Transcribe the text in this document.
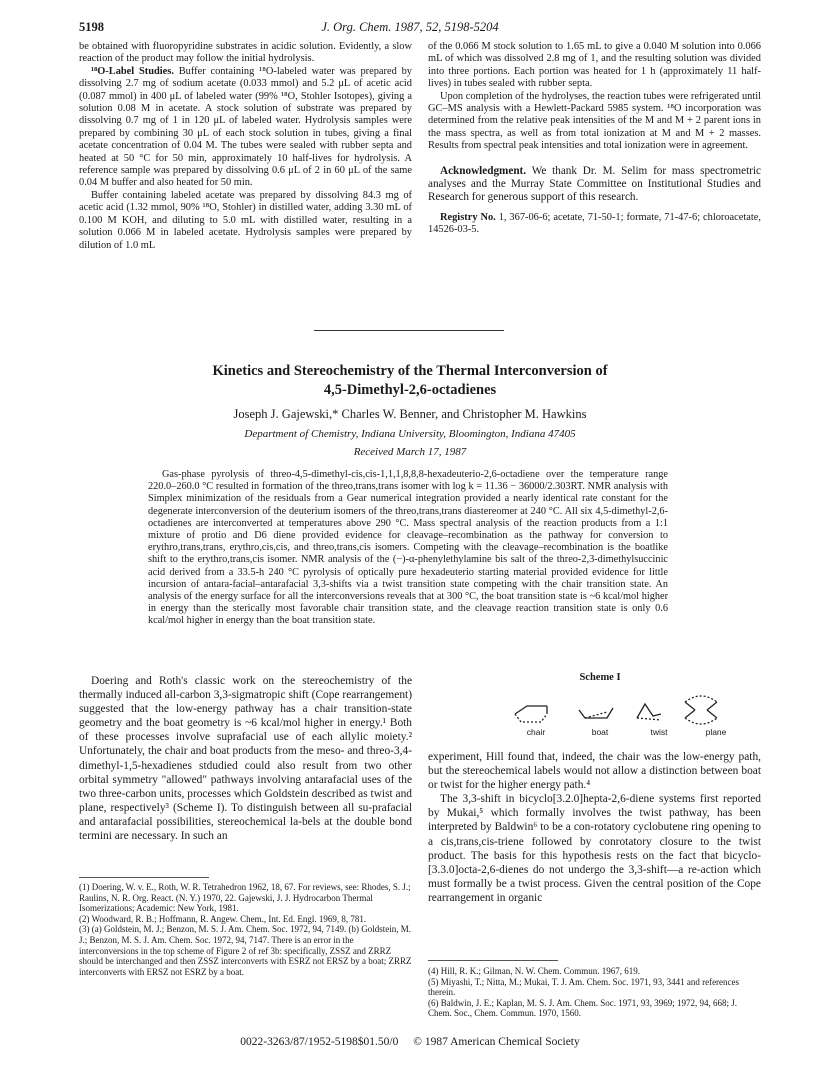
5198	J. Org. Chem. 1987, 52, 5198-5204

be obtained with fluoropyridine substrates in acidic solution. Evidently, a slow reaction of the product may follow the initial hydrolysis.

¹⁸O-Label Studies. Buffer containing ¹⁸O-labeled water was prepared by dissolving 2.7 mg of sodium acetate (0.033 mmol) and 5.2 μL of acetic acid (0.087 mmol) in 400 μL of labeled water (99% ¹⁸O, Stohler Isotopes), giving a solution 0.08 M in acetate. A stock solution of substrate was prepared by dissolving 0.7 mg of 1 in 120 μL of labeled water. Hydrolysis samples were prepared by combining 30 μL of each stock solution in tubes, giving a final acetate concentration of 0.04 M. The tubes were sealed with rubber septa and heated at 50 °C for 50 min, approximately 10 half-lives for hydrolysis. A reference sample was prepared by dissolving 0.6 μL of 2 in 60 μL of the same 0.04 M buffer and also heated for 50 min.

Buffer containing labeled acetate was prepared by dissolving 84.3 mg of acetic acid (1.32 mmol, 90% ¹⁸O, Stohler) in distilled water, adding 3.30 mL of 0.100 M KOH, and diluting to 5.0 mL with distilled water, resulting in a solution 0.066 M in labeled acetate. Hydrolysis samples were prepared by dilution of 1.0 mL

of the 0.066 M stock solution to 1.65 mL to give a 0.040 M solution into 0.066 mL of which was dissolved 2.8 mg of 1, and the resulting solution was divided into three portions. Each portion was heated for 1 h (approximately 11 half-lives) in tubes sealed with rubber septa.

Upon completion of the hydrolyses, the reaction tubes were refrigerated until GC–MS analysis with a Hewlett-Packard 5985 system. ¹⁸O incorporation was determined from the relative peak intensities of the M and M + 2 parent ions in the mass spectra, as well as from total ionization at M and M + 2 masses. Results from spectral peak intensities and total ionization were in agreement.

Acknowledgment. We thank Dr. M. Selim for mass spectrometric analyses and the Murray State Committee on Institutional Studies and Research for generous support of this research.

Registry No. 1, 367-06-6; acetate, 71-50-1; formate, 71-47-6; chloroacetate, 14526-03-5.

Kinetics and Stereochemistry of the Thermal Interconversion of
4,5-Dimethyl-2,6-octadienes
Joseph J. Gajewski,* Charles W. Benner, and Christopher M. Hawkins
Department of Chemistry, Indiana University, Bloomington, Indiana 47405
Received March 17, 1987
Gas-phase pyrolysis of threo-4,5-dimethyl-cis,cis-1,1,1,8,8,8-hexadeuterio-2,6-octadiene over the temperature range 220.0–260.0 °C resulted in formation of the threo,trans,trans isomer with log k = 11.36 − 36000/2.303RT. NMR analysis with Simplex minimization of the residuals from a Gear numerical integration provided a nearly identical rate constant for the degenerate interconversion of the deuterium isomers of the threo,trans,trans diastereomer at 240 °C. All six 4,5-dimethyl-2,6-octadienes are interconverted at temperatures above 290 °C. Mass spectral analysis of the reaction products from a 1:1 mixture of protio and D6 diene provided evidence for cleavage–recombination as the pathway for conversion to erythro,trans,trans, erythro,cis,cis, and threo,trans,cis isomers. Competing with the cleavage–recombination is the boatlike shift to the erythro,trans,cis isomer. NMR analysis of the (−)-α-phenylethylamine bis salt of the threo-2,3-dimethylsuccinic acid derived from a 33.5-h 240 °C pyrolysis of optically pure hexadeuterio starting material provided evidence for little incursion of antara-facial–antarafacial 3,3-shifts via a twist transition state competing with the chair transition state. An analysis of the energy surface for all the interconversions reveals that at 300 °C, the boat transition state is ~6 kcal/mol higher in energy than the sterically most favorable chair transition state, and the cleavage reaction transition state is only 0.6 kcal/mol higher in energy than the boat transition state.

Doering and Roth's classic work on the stereochemistry of the thermally induced all-carbon 3,3-sigmatropic shift (Cope rearrangement) suggested that the low-energy pathway has a chair transition-state geometry and the boat geometry is ~6 kcal/mol higher in energy.¹ Both of these processes involve suprafacial use of each allylic moiety.² Unfortunately, the chair and boat products from the meso- and threo-3,4-dimethyl-1,5-hexadienes stdudied could also result from two other orbital symmetry "allowed" pathways involving antarafacial uses of the two three-carbon units, processes which Goldstein described as twist and plane, respectively³ (Scheme I). To distinguish between all su-prafacial and antarafacial possibilities, stereochemical la-bels at the double bond termini are necessary. In such an

(1) Doering, W. v. E., Roth, W. R. Tetrahedron 1962, 18, 67. For reviews, see: Rhodes, S. J.; Raulins, N. R. Org. React. (N. Y.) 1970, 22. Gajewski, J. J. Hydrocarbon Thermal Isomerizations; Academic: New York, 1981.
(2) Woodward, R. B.; Hoffmann, R. Angew. Chem., Int. Ed. Engl. 1969, 8, 781.
(3) (a) Goldstein, M. J.; Benzon, M. S. J. Am. Chem. Soc. 1972, 94, 7149. (b) Goldstein, M. J.; Benzon, M. S. J. Am. Chem. Soc. 1972, 94, 7147. There is an error in the interconversions in the top scheme of Figure 2 of ref 3b: specifically, ZSSZ and ZRRZ should be interchanged and then ZSSZ interconverts with ESRZ not ERSZ by a boat; ZRRZ interconverts with ERSZ not ESRZ by a boat.
Scheme I
chair	boat	twist	plane

experiment, Hill found that, indeed, the chair was the low-energy path, but the stereochemical labels would not allow a distinction between boat or twist for the higher energy path.⁴

The 3,3-shift in bicyclo[3.2.0]hepta-2,6-diene systems first reported by Mukai,⁵ which formally involves the twist pathway, has been interpreted by Baldwin⁶ to be a con-rotatory cyclobutene ring opening to a cis,trans,cis-triene followed by conrotatory closure to the twist product. The basis for this hypothesis rests on the fact that bicyclo-[3.3.0]octa-2,6-dienes do not undergo the 3,3-shift—a re-action which must formally be a twist process. Given the central position of the Cope rearrangement in organic

(4) Hill, R. K.; Gilman, N. W. Chem. Commun. 1967, 619.
(5) Miyashi, T.; Nitta, M.; Mukai, T. J. Am. Chem. Soc. 1971, 93, 3441 and references therein.
(6) Baldwin, J. E.; Kaplan, M. S. J. Am. Chem. Soc. 1971, 93, 3969; 1972, 94, 668; J. Chem. Soc., Chem. Commun. 1970, 1560.
0022-3263/87/1952-5198$01.50/0 © 1987 American Chemical Society
